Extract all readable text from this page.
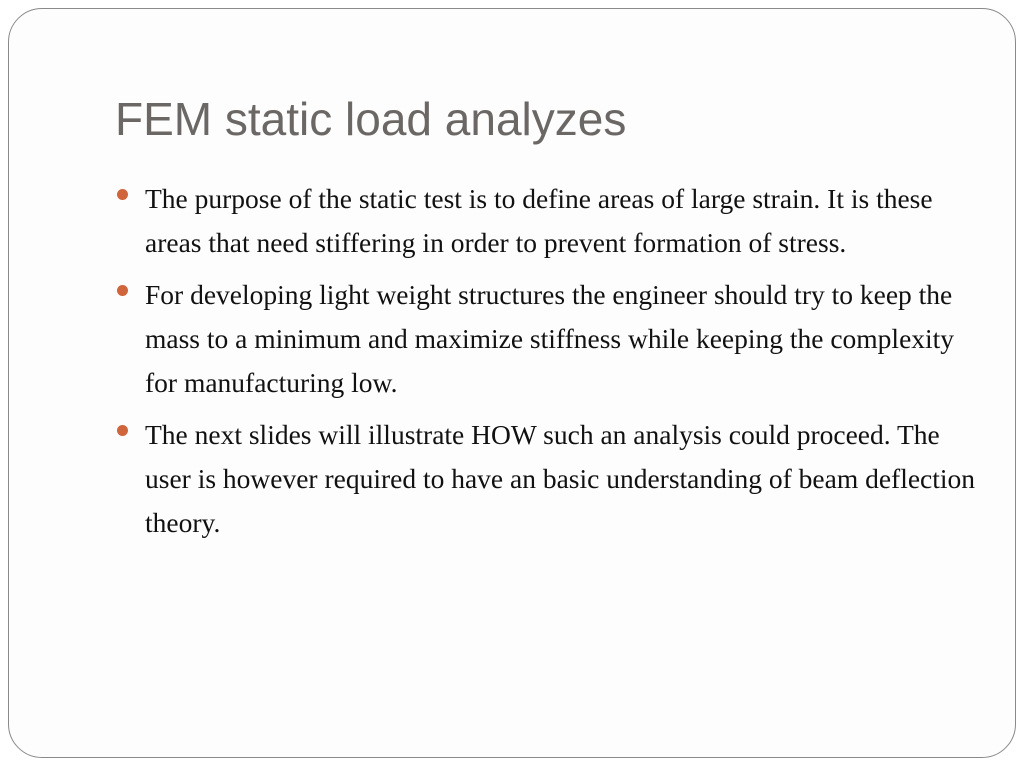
FEM static load analyzes
The purpose of the static test is to define areas of large strain. It is these areas that need stiffering in order to prevent formation of stress.
For developing light weight structures the engineer should try to keep the mass to a minimum and maximize stiffness while keeping the complexity for manufacturing low.
The next slides will illustrate HOW such an analysis could proceed. The user is however required to have an basic understanding of beam deflection theory.
